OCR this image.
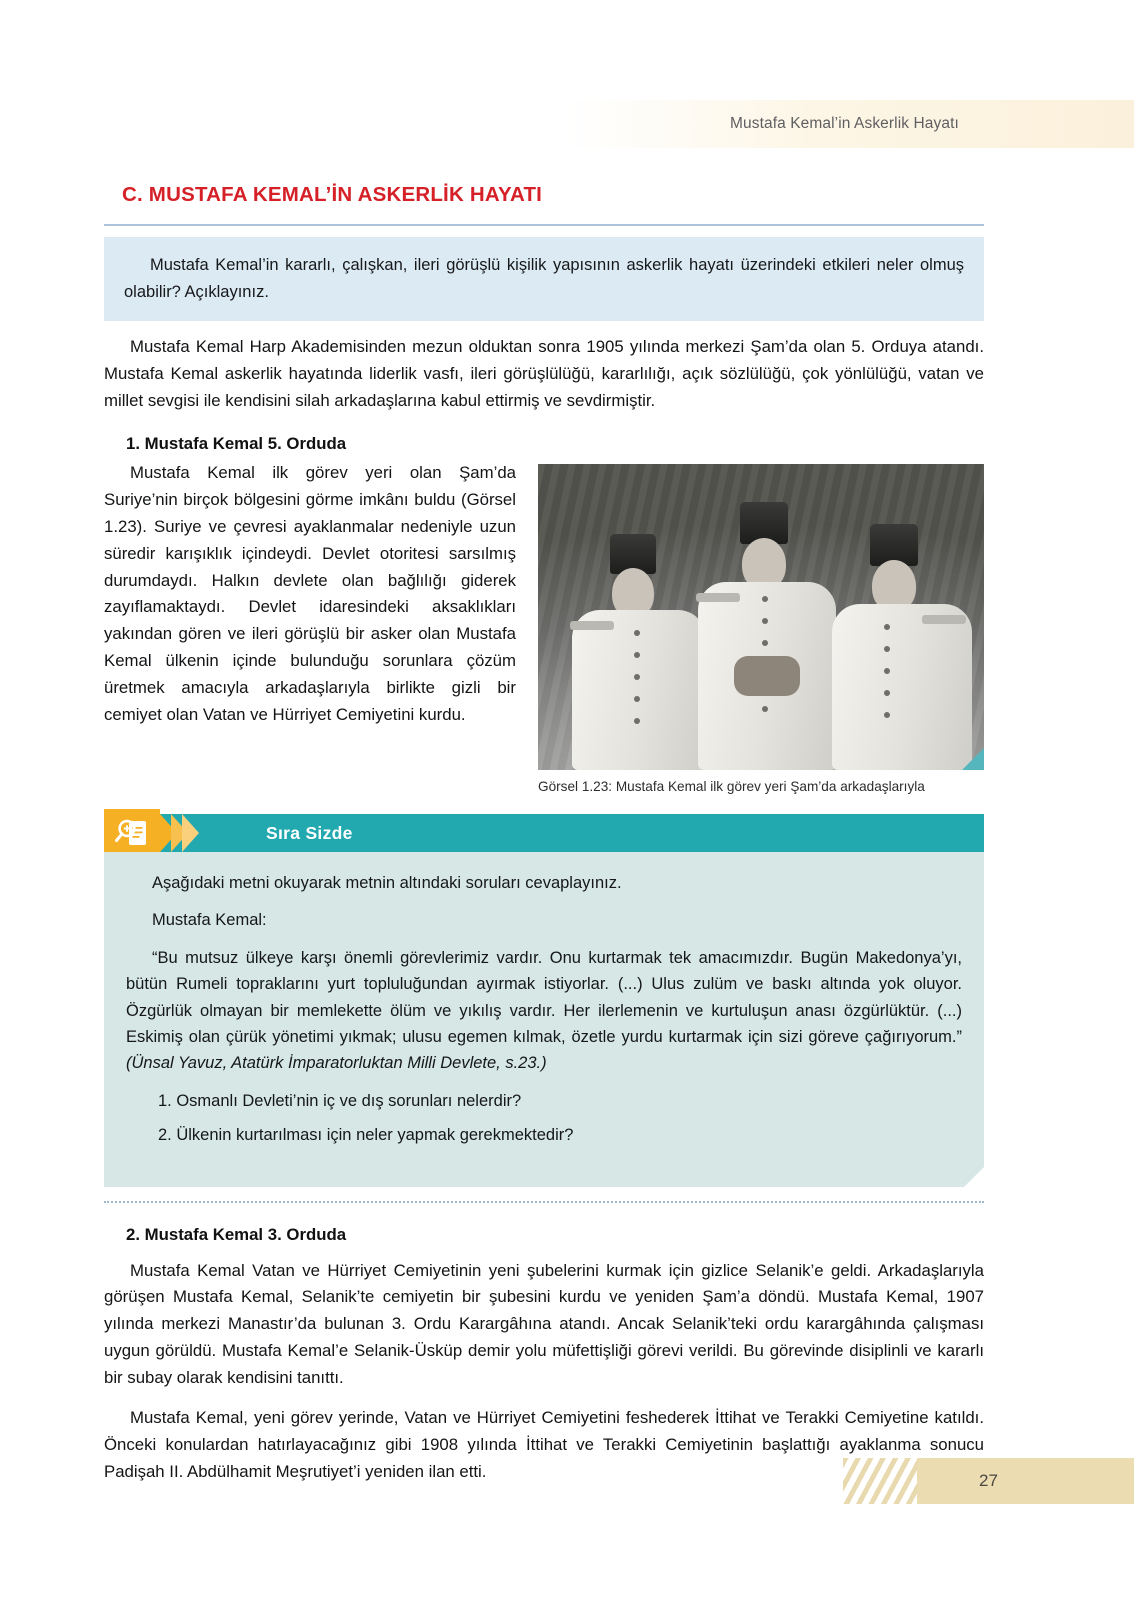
Mustafa Kemal’in Askerlik Hayatı
C. MUSTAFA KEMAL’İN ASKERLİK HAYATI

Mustafa Kemal’in kararlı, çalışkan, ileri görüşlü kişilik yapısının askerlik hayatı üzerindeki etkileri neler olmuş olabilir? Açıklayınız.

Mustafa Kemal Harp Akademisinden mezun olduktan sonra 1905 yılında merkezi Şam’da olan 5. Orduya atandı. Mustafa Kemal askerlik hayatında liderlik vasfı, ileri görüşlülüğü, kararlılığı, açık sözlülüğü, çok yönlülüğü, vatan ve millet sevgisi ile kendisini silah arkadaşlarına kabul ettirmiş ve sevdirmiştir.

1. Mustafa Kemal 5. Orduda
Görsel 1.23: Mustafa Kemal ilk görev yeri Şam’da arkadaşlarıyla

Mustafa Kemal ilk görev yeri olan Şam’da Suriye’nin birçok bölgesini görme imkânı buldu (Görsel 1.23). Suriye ve çevresi ayaklanmalar nedeniyle uzun süredir karışıklık içindeydi. Devlet otoritesi sarsılmış durumdaydı. Halkın devlete olan bağlılığı giderek zayıflamaktaydı. Devlet idaresindeki aksaklıkları yakından gören ve ileri görüşlü bir asker olan Mustafa Kemal ülkenin içinde bulunduğu sorunlara çözüm üretmek amacıyla arkadaşlarıyla birlikte gizli bir cemiyet olan Vatan ve Hürriyet Cemiyetini kurdu.

Sıra Sizde

Aşağıdaki metni okuyarak metnin altındaki soruları cevaplayınız.

Mustafa Kemal:

“Bu mutsuz ülkeye karşı önemli görevlerimiz vardır. Onu kurtarmak tek amacımızdır. Bugün Makedonya’yı, bütün Rumeli topraklarını yurt topluluğundan ayırmak istiyorlar. (...) Ulus zulüm ve baskı altında yok oluyor. Özgürlük olmayan bir memlekette ölüm ve yıkılış vardır. Her ilerlemenin ve kurtuluşun anası özgürlüktür. (...) Eskimiş olan çürük yönetimi yıkmak; ulusu egemen kılmak, özetle yurdu kurtarmak için sizi göreve çağırıyorum.” (Ünsal Yavuz, Atatürk İmparatorluktan Milli Devlete, s.23.)

1. Osmanlı Devleti’nin iç ve dış sorunları nelerdir?

2. Ülkenin kurtarılması için neler yapmak gerekmektedir?

2. Mustafa Kemal 3. Orduda

Mustafa Kemal Vatan ve Hürriyet Cemiyetinin yeni şubelerini kurmak için gizlice Selanik’e geldi. Arkadaşlarıyla görüşen Mustafa Kemal, Selanik’te cemiyetin bir şubesini kurdu ve yeniden Şam’a döndü. Mustafa Kemal, 1907 yılında merkezi Manastır’da bulunan 3. Ordu Karargâhına atandı. Ancak Selanik’teki ordu karargâhında çalışması uygun görüldü. Mustafa Kemal’e Selanik-Üsküp demir yolu müfettişliği görevi verildi. Bu görevinde disiplinli ve kararlı bir subay olarak kendisini tanıttı.

Mustafa Kemal, yeni görev yerinde, Vatan ve Hürriyet Cemiyetini feshederek İttihat ve Terakki Cemiyetine katıldı. Önceki konulardan hatırlayacağınız gibi 1908 yılında İttihat ve Terakki Cemiyetinin başlattığı ayaklanma sonucu Padişah II. Abdülhamit Meşrutiyet’i yeniden ilan etti.	27
